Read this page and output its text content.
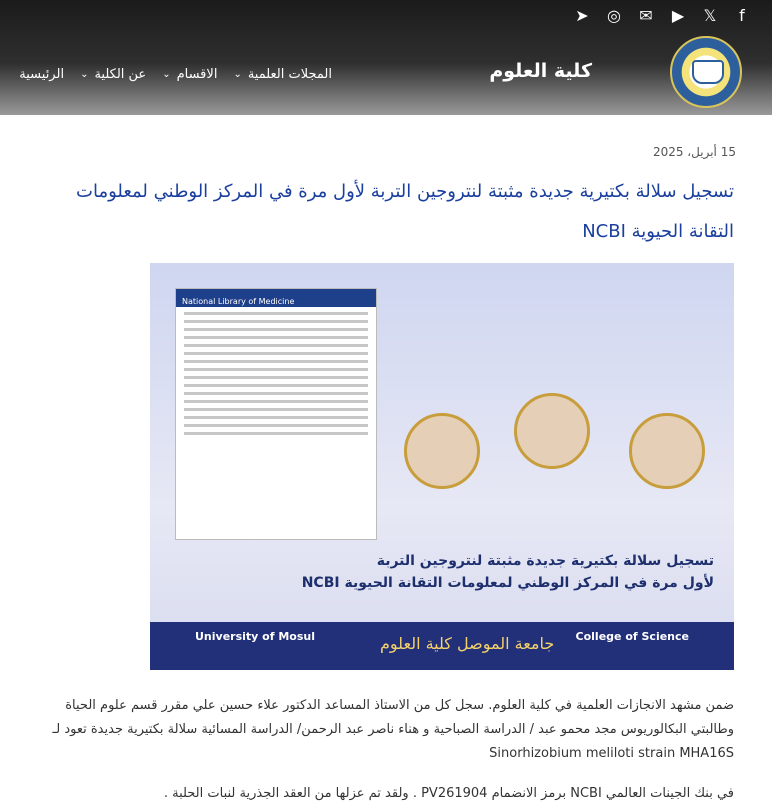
f
𝕏
▶
✉
◎
➤
كلية العلوم
الرئيسية عن الكلية
⌄	الاقسام
⌄	المجلات العلمية
⌄
15 أبريل، 2025
تسجيل سلالة بكتيرية جديدة مثبتة لنتروجين التربة لأول مرة في المركز الوطني لمعلومات التقانة الحيوية NCBI
National Library of Medicine
تسجيل سلالة بكتيرية جديدة مثبتة لنتروجين التربة
لأول مرة في المركز الوطني لمعلومات التقانة الحيوية NCBI
University of Mosul	جامعة الموصل كلية العلوم College of Science
ضمن مشهد الانجازات العلمية في كلية العلوم. سجل كل من الاستاذ المساعد الدكتور علاء حسين علي مقرر قسم علوم الحياة وطالبتي البكالوريوس مجد محمو عبد / الدراسة الصباحية و هناء ناصر عبد الرحمن/ الدراسة المسائية سلالة بكتيرية جديدة تعود لـ Sinorhizobium meliloti strain MHA16S
في بنك الجينات العالمي NCBI برمز الانضمام PV261904 . ولقد تم عزلها من العقد الجذرية لنبات الحلبة .
